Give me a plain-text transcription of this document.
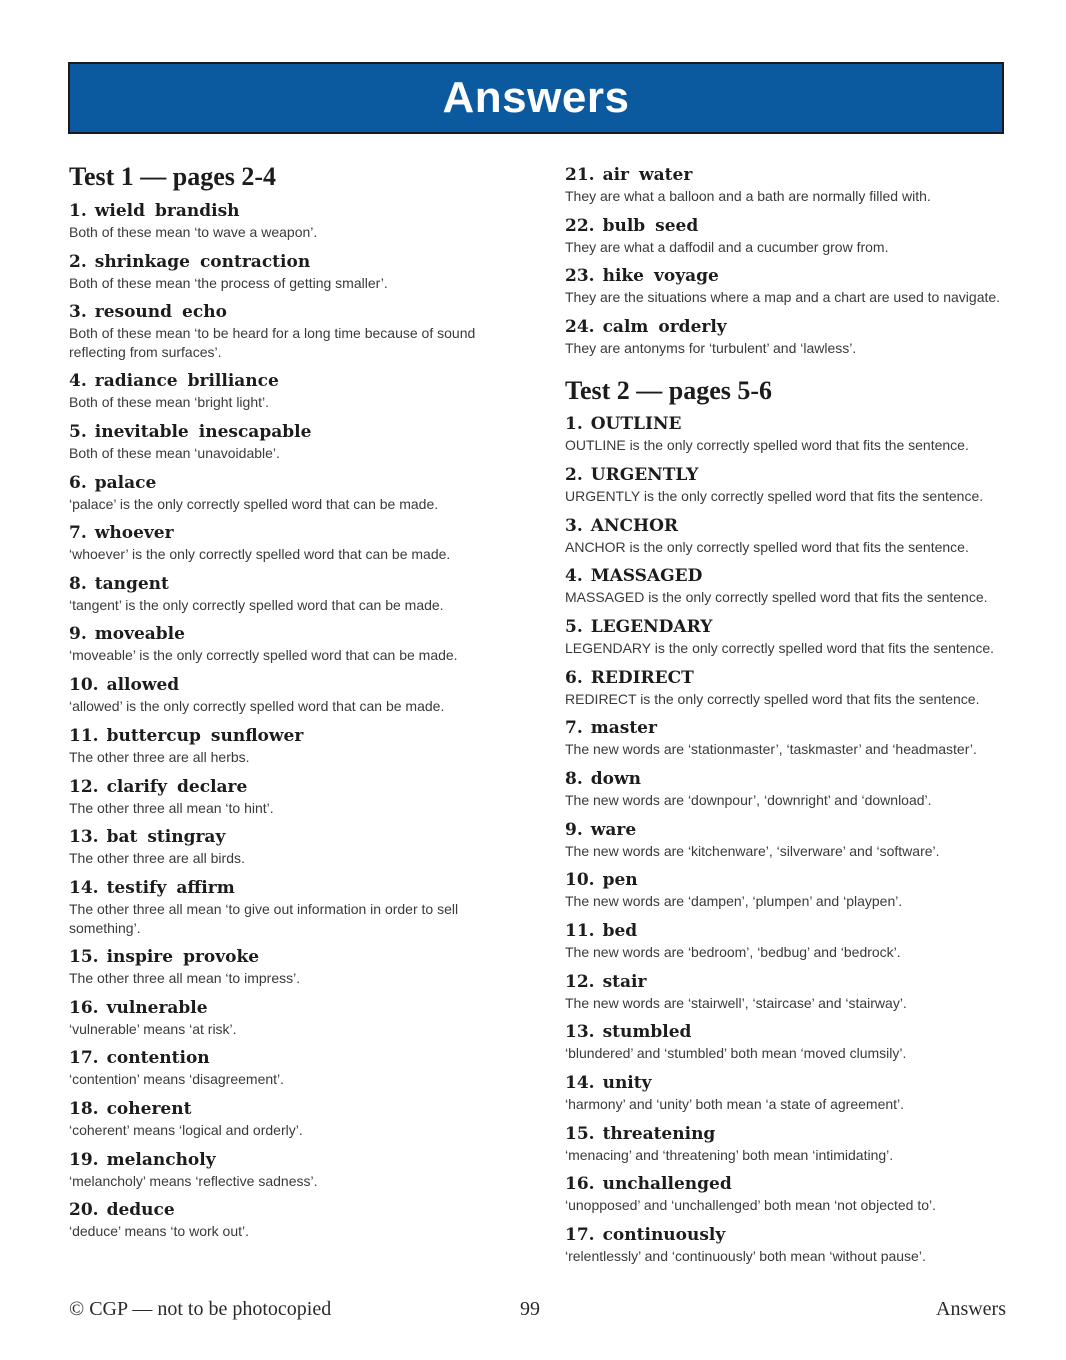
Answers
Test 1 — pages 2-4
1. wield brandish
Both of these mean ‘to wave a weapon’.
2. shrinkage contraction
Both of these mean ‘the process of getting smaller’.
3. resound echo
Both of these mean ‘to be heard for a long time because of sound reflecting from surfaces’.
4. radiance brilliance
Both of these mean ‘bright light’.
5. inevitable inescapable
Both of these mean ‘unavoidable’.
6. palace
‘palace’ is the only correctly spelled word that can be made.
7. whoever
‘whoever’ is the only correctly spelled word that can be made.
8. tangent
‘tangent’ is the only correctly spelled word that can be made.
9. moveable
‘moveable’ is the only correctly spelled word that can be made.
10. allowed
‘allowed’ is the only correctly spelled word that can be made.
11. buttercup sunflower
The other three are all herbs.
12. clarify declare
The other three all mean ‘to hint’.
13. bat stingray
The other three are all birds.
14. testify affirm
The other three all mean ‘to give out information in order to sell something’.
15. inspire provoke
The other three all mean ‘to impress’.
16. vulnerable
‘vulnerable’ means ‘at risk’.
17. contention
‘contention’ means ‘disagreement’.
18. coherent
‘coherent’ means ‘logical and orderly’.
19. melancholy
‘melancholy’ means ‘reflective sadness’.
20. deduce
‘deduce’ means ‘to work out’.
21. air water
They are what a balloon and a bath are normally filled with.
22. bulb seed
They are what a daffodil and a cucumber grow from.
23. hike voyage
They are the situations where a map and a chart are used to navigate.
24. calm orderly
They are antonyms for ‘turbulent’ and ‘lawless’.
Test 2 — pages 5-6
1. OUTLINE
OUTLINE is the only correctly spelled word that fits the sentence.
2. URGENTLY
URGENTLY is the only correctly spelled word that fits the sentence.
3. ANCHOR
ANCHOR is the only correctly spelled word that fits the sentence.
4. MASSAGED
MASSAGED is the only correctly spelled word that fits the sentence.
5. LEGENDARY
LEGENDARY is the only correctly spelled word that fits the sentence.
6. REDIRECT
REDIRECT is the only correctly spelled word that fits the sentence.
7. master
The new words are ‘stationmaster’, ‘taskmaster’ and ‘headmaster’.
8. down
The new words are ‘downpour’, ‘downright’ and ‘download’.
9. ware
The new words are ‘kitchenware’, ‘silverware’ and ‘software’.
10. pen
The new words are ‘dampen’, ‘plumpen’ and ‘playpen’.
11. bed
The new words are ‘bedroom’, ‘bedbug’ and ‘bedrock’.
12. stair
The new words are ‘stairwell’, ‘staircase’ and ‘stairway’.
13. stumbled
‘blundered’ and ‘stumbled’ both mean ‘moved clumsily’.
14. unity
‘harmony’ and ‘unity’ both mean ‘a state of agreement’.
15. threatening
‘menacing’ and ‘threatening’ both mean ‘intimidating’.
16. unchallenged
‘unopposed’ and ‘unchallenged’ both mean ‘not objected to’.
17. continuously
‘relentlessly’ and ‘continuously’ both mean ‘without pause’.
© CGP — not to be photocopied	99	Answers
